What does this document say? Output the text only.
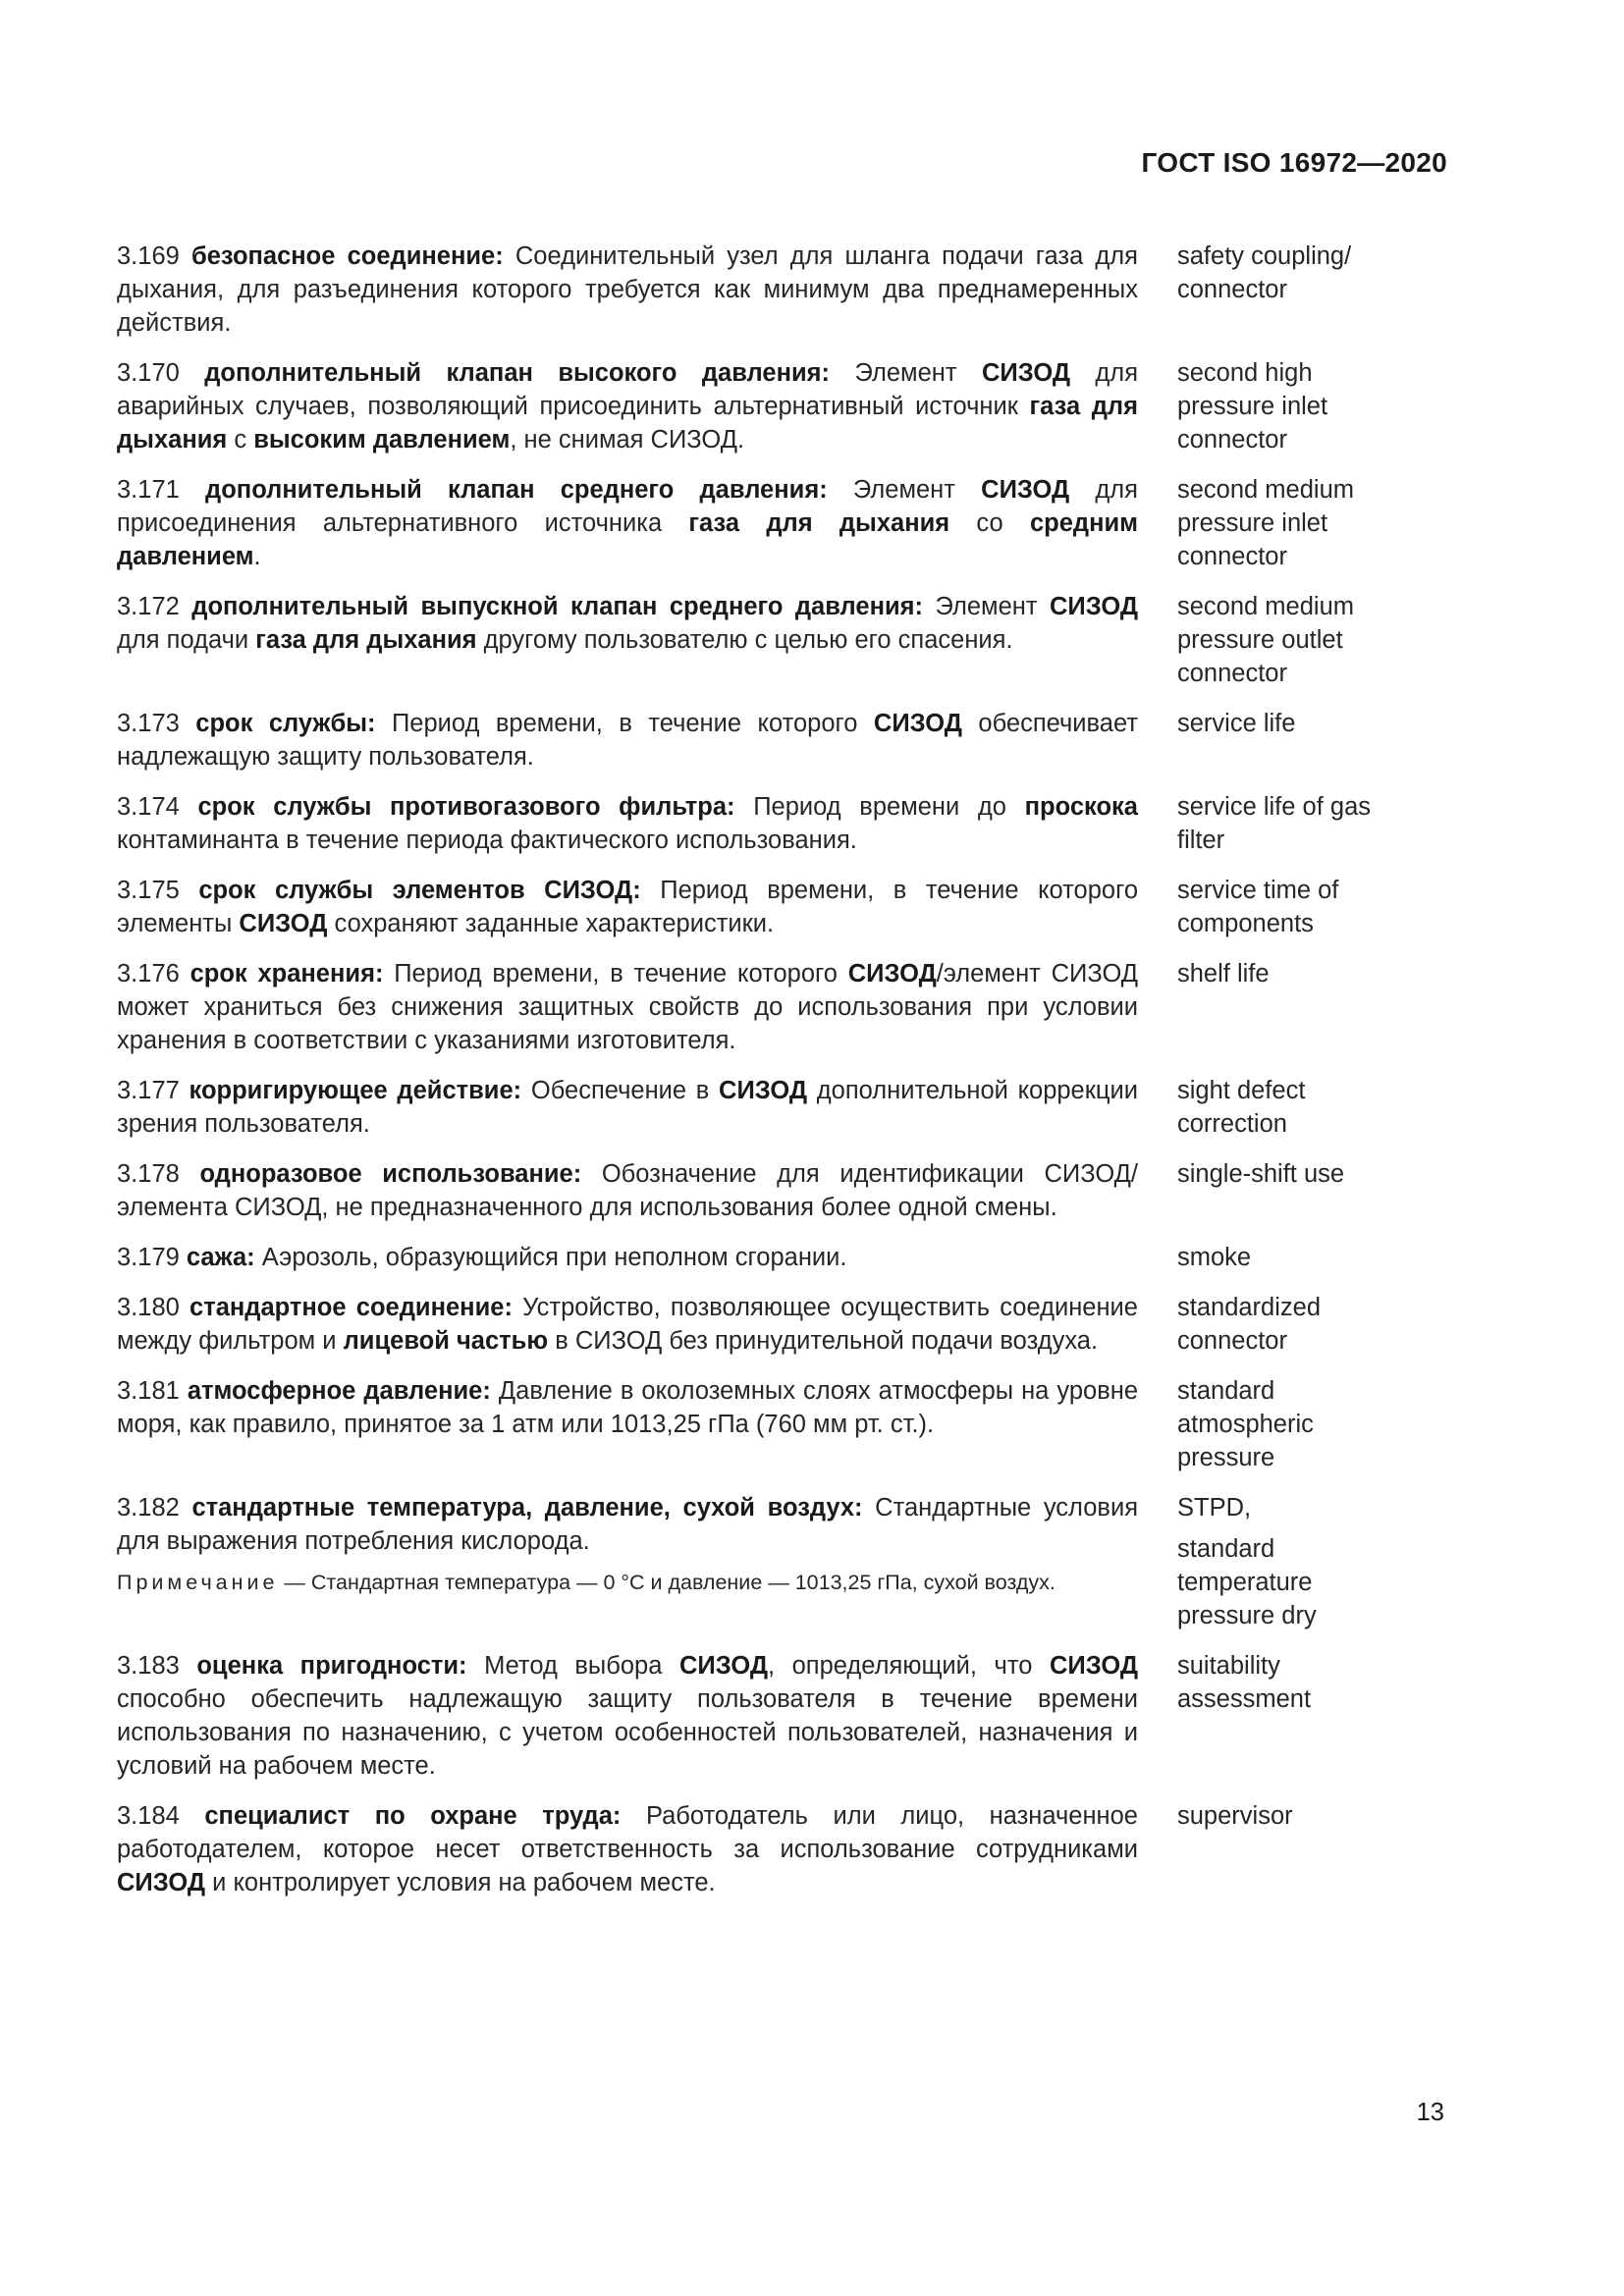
ГОСТ ISO 16972—2020

3.169 безопасное соединение: Соединительный узел для шланга подачи газа для дыхания, для разъединения которого требуется как минимум два преднамеренных действия.

safety coupling/
connector

3.170 дополнительный клапан высокого давления: Элемент СИЗОД для аварийных случаев, позволяющий присоединить альтернативный источник газа для дыхания с высоким давлением, не снимая СИЗОД.

second high
pressure inlet
connector

3.171 дополнительный клапан среднего давления: Элемент СИЗОД для присоединения альтернативного источника газа для дыхания со средним давлением.

second medium
pressure inlet
connector

3.172 дополнительный выпускной клапан среднего давления: Элемент СИЗОД для подачи газа для дыхания другому пользователю с целью его спасения.

second medium
pressure outlet
connector

3.173 срок службы: Период времени, в течение которого СИЗОД обеспечивает надлежащую защиту пользователя.

service life

3.174 срок службы противогазового фильтра: Период времени до проскока контаминанта в течение периода фактического использования.

service life of gas
filter

3.175 срок службы элементов СИЗОД: Период времени, в течение которого элементы СИЗОД сохраняют заданные характеристики.

service time of
components

3.176 срок хранения: Период времени, в течение которого СИЗОД/элемент СИЗОД может храниться без снижения защитных свойств до использования при условии хранения в соответствии с указаниями изготовителя.

shelf life

3.177 корригирующее действие: Обеспечение в СИЗОД дополнительной коррекции зрения пользователя.

sight defect
correction

3.178 одноразовое использование: Обозначение для идентификации СИЗОД/элемента СИЗОД, не предназначенного для использования более одной смены.

single-shift use

3.179 сажа: Аэрозоль, образующийся при неполном сгорании.	smoke

3.180 стандартное соединение: Устройство, позволяющее осуществить соединение между фильтром и лицевой частью в СИЗОД без принудительной подачи воздуха.

standardized
connector

3.181 атмосферное давление: Давление в околоземных слоях атмосферы на уровне моря, как правило, принятое за 1 атм или 1013,25 гПа (760 мм рт. ст.).

standard
atmospheric
pressure

3.182 стандартные температура, давление, сухой воздух: Стандартные условия для выражения потребления кислорода.

Примечание — Стандартная температура — 0 °С и давление — 1013,25 гПа, сухой воздух.
STPD,
standard
temperature
pressure dry

3.183 оценка пригодности: Метод выбора СИЗОД, определяющий, что СИЗОД способно обеспечить надлежащую защиту пользователя в течение времени использования по назначению, с учетом особенностей пользователей, назначения и условий на рабочем месте.

suitability
assessment

3.184 специалист по охране труда: Работодатель или лицо, назначенное работодателем, которое несет ответственность за использование сотрудниками СИЗОД и контролирует условия на рабочем месте.

supervisor
13
